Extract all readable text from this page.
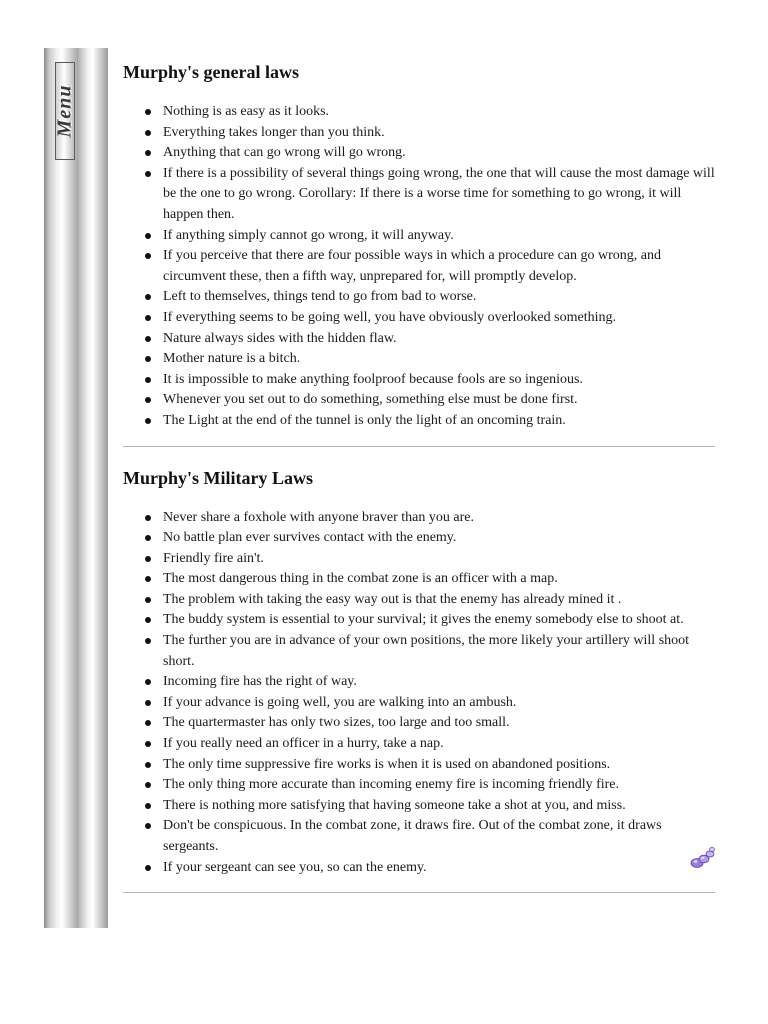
Menu
Murphy's general laws
Nothing is as easy as it looks.
Everything takes longer than you think.
Anything that can go wrong will go wrong.
If there is a possibility of several things going wrong, the one that will cause the most damage will be the one to go wrong. Corollary: If there is a worse time for something to go wrong, it will happen then.
If anything simply cannot go wrong, it will anyway.
If you perceive that there are four possible ways in which a procedure can go wrong, and circumvent these, then a fifth way, unprepared for, will promptly develop.
Left to themselves, things tend to go from bad to worse.
If everything seems to be going well, you have obviously overlooked something.
Nature always sides with the hidden flaw.
Mother nature is a bitch.
It is impossible to make anything foolproof because fools are so ingenious.
Whenever you set out to do something, something else must be done first.
The Light at the end of the tunnel is only the light of an oncoming train.
Murphy's Military Laws
Never share a foxhole with anyone braver than you are.
No battle plan ever survives contact with the enemy.
Friendly fire ain't.
The most dangerous thing in the combat zone is an officer with a map.
The problem with taking the easy way out is that the enemy has already mined it .
The buddy system is essential to your survival; it gives the enemy somebody else to shoot at.
The further you are in advance of your own positions, the more likely your artillery will shoot short.
Incoming fire has the right of way.
If your advance is going well, you are walking into an ambush.
The quartermaster has only two sizes, too large and too small.
If you really need an officer in a hurry, take a nap.
The only time suppressive fire works is when it is used on abandoned positions.
The only thing more accurate than incoming enemy fire is incoming friendly fire.
There is nothing more satisfying that having someone take a shot at you, and miss.
Don't be conspicuous. In the combat zone, it draws fire. Out of the combat zone, it draws sergeants.
If your sergeant can see you, so can the enemy.
